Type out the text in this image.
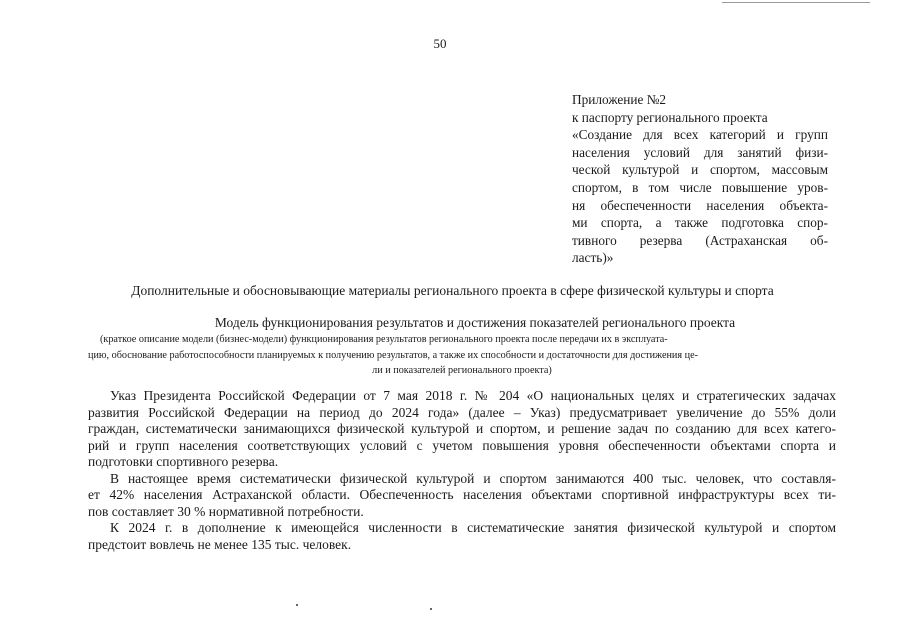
50
Приложение №2
к паспорту регионального проекта
«Создание для всех категорий и групп
населения условий для занятий физи-
ческой культурой и спортом, массовым
спортом, в том числе повышение уров-
ня обеспеченности населения объекта-
ми спорта, а также подготовка спор-
тивного резерва (Астраханская об-
ласть)»
Дополнительные и обосновывающие материалы регионального проекта в сфере физической культуры и спорта
Модель функционирования результатов и достижения показателей регионального проекта
(краткое описание модели (бизнес-модели) функционирования результатов регионального проекта после передачи их в эксплуата-
цию, обоснование работоспособности планируемых к получению результатов, а также их способности и достаточности для достижения це-
ли и показателей регионального проекта)
Указ Президента Российской Федерации от 7 мая 2018 г. № 204 «О национальных целях и стратегических задачах
развития Российской Федерации на период до 2024 года» (далее – Указ) предусматривает увеличение до 55% доли
граждан, систематически занимающихся физической культурой и спортом, и решение задач по созданию для всех катего-
рий и групп населения соответствующих условий с учетом повышения уровня обеспеченности объектами спорта и
подготовки спортивного резерва.
В настоящее время систематически физической культурой и спортом занимаются 400 тыс. человек, что составля-
ет 42% населения Астраханской области. Обеспеченность населения объектами спортивной инфраструктуры всех ти-
пов составляет 30 % нормативной потребности.
К 2024 г. в дополнение к имеющейся численности в систематические занятия физической культурой и спортом
предстоит вовлечь не менее 135 тыс. человек.
